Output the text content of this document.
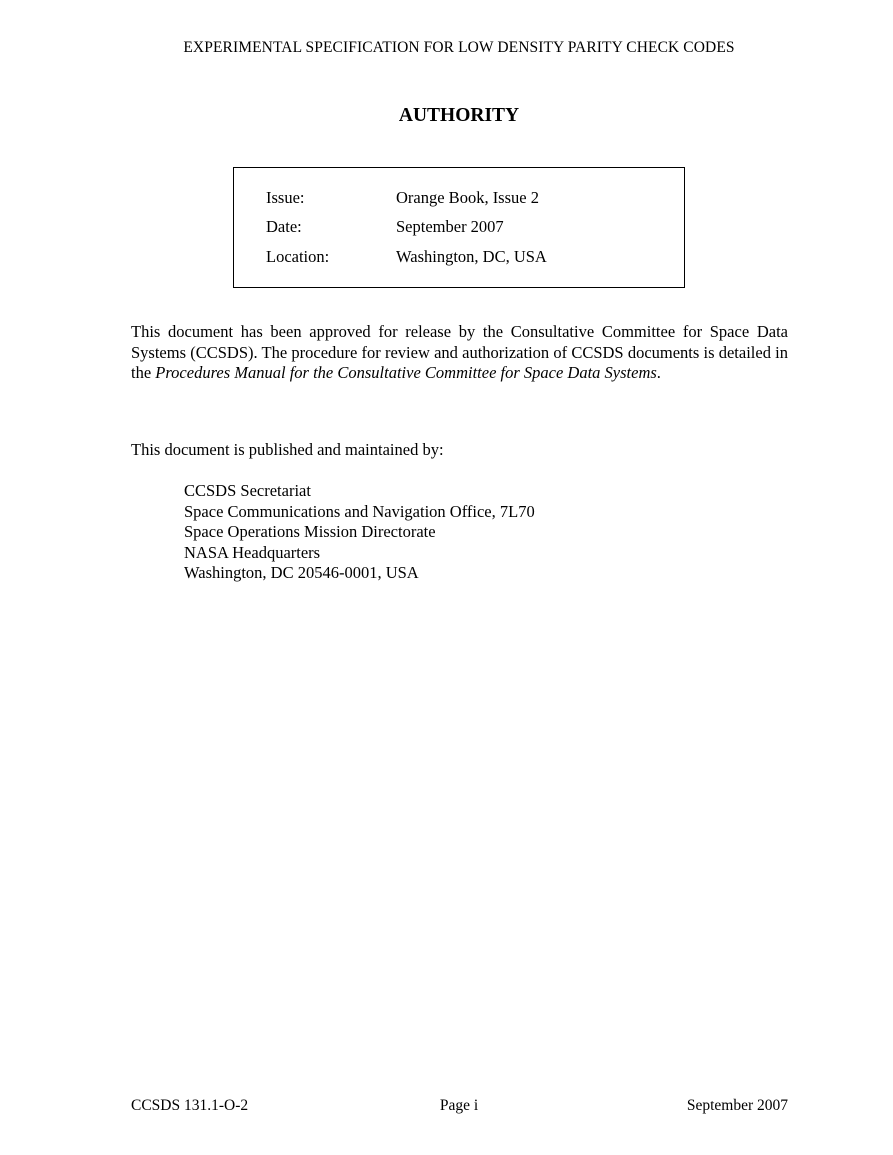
EXPERIMENTAL SPECIFICATION FOR LOW DENSITY PARITY CHECK CODES
AUTHORITY
Issue:	Orange Book, Issue 2
Date:	September 2007
Location:	Washington, DC, USA
This document has been approved for release by the Consultative Committee for Space Data Systems (CCSDS). The procedure for review and authorization of CCSDS documents is detailed in the Procedures Manual for the Consultative Committee for Space Data Systems.
This document is published and maintained by:
CCSDS Secretariat
Space Communications and Navigation Office, 7L70
Space Operations Mission Directorate
NASA Headquarters
Washington, DC 20546-0001, USA
CCSDS 131.1-O-2	Page i	September 2007
